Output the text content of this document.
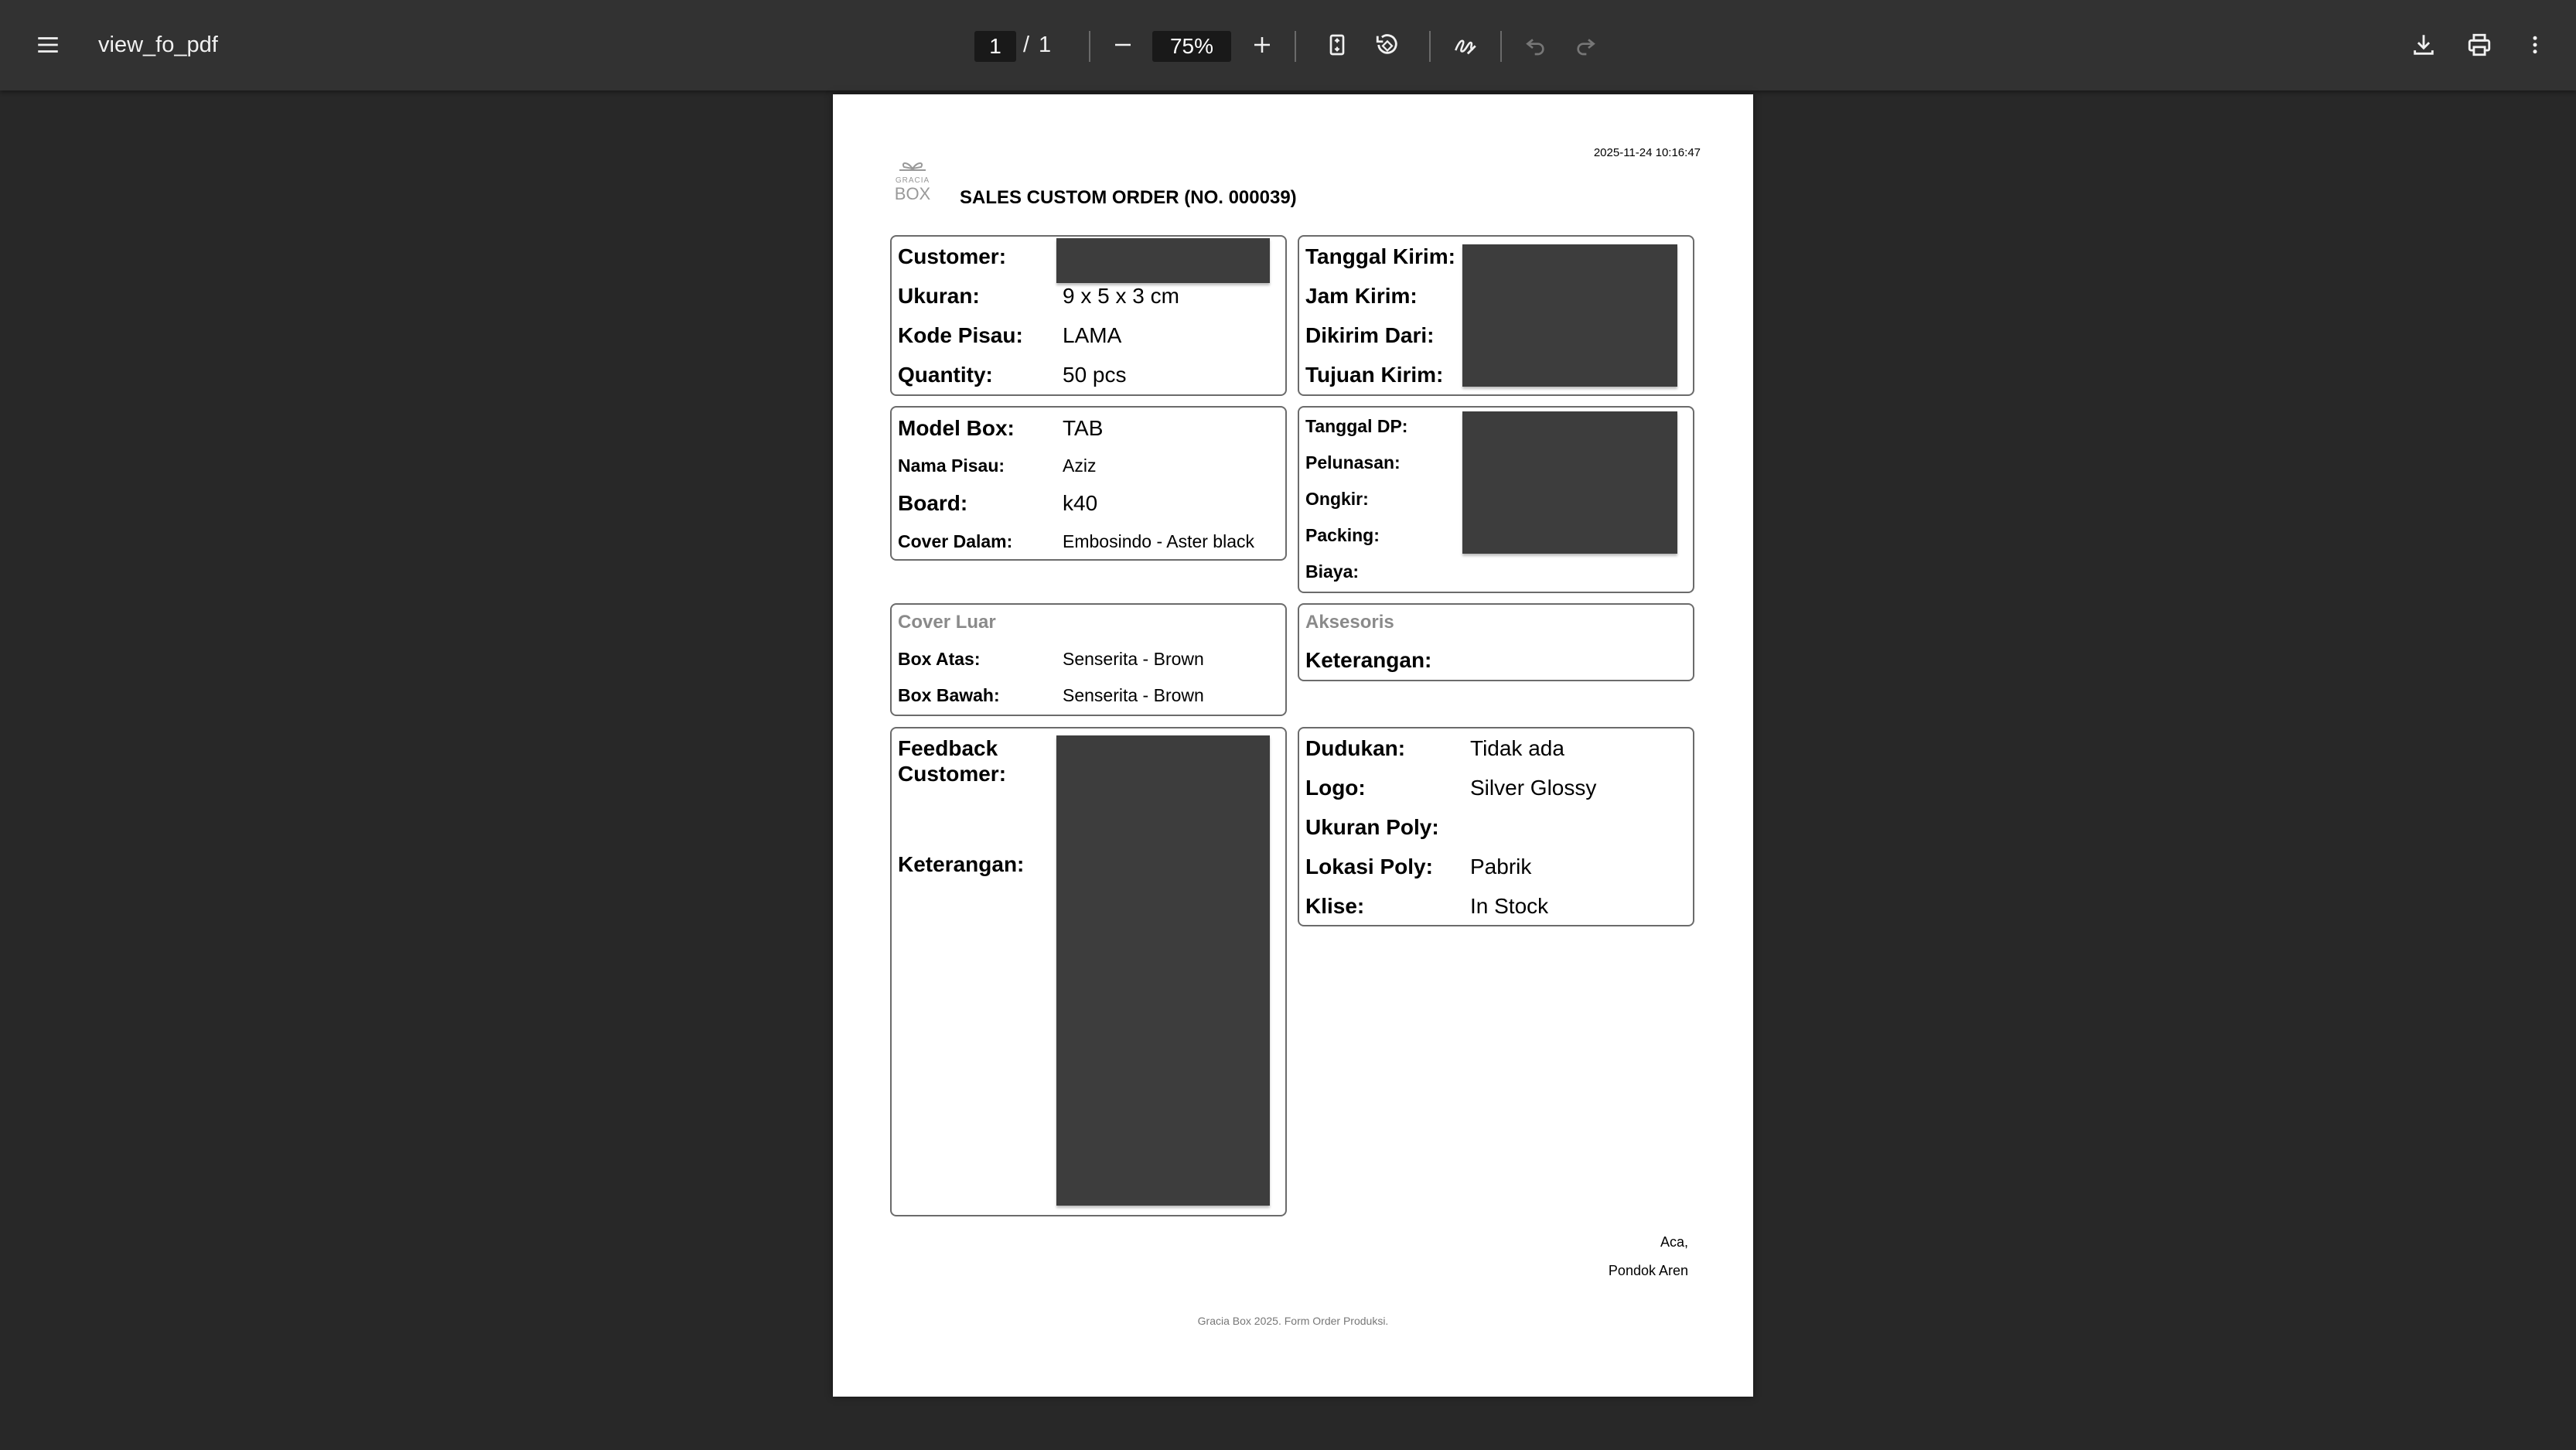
view_fo_pdf	1 / 1	75%
2025-11-24 10:16:47
GRACIA
BOX SALES CUSTOM ORDER (NO. 000039)
Customer:
Ukuran:	9 x 5 x 3 cm
Kode Pisau: LAMA
Quantity:	50 pcs
Tanggal Kirim:
Jam Kirim:
Dikirim Dari:
Tujuan Kirim:
Model Box: TAB
Nama Pisau:	Aziz
Board:	k40
Cover Dalam:	Embosindo - Aster black
Tanggal DP:
Pelunasan:
Ongkir:
Packing:
Biaya:
Cover Luar
Box Atas:	Senserita - Brown
Box Bawah:	Senserita - Brown
Aksesoris
Keterangan:
Feedback
Customer:
Keterangan:
Dudukan:	Tidak ada
Logo:	Silver Glossy
Ukuran Poly:
Lokasi Poly: Pabrik
Klise:	In Stock
Aca,
Pondok Aren
Gracia Box 2025. Form Order Produksi.
